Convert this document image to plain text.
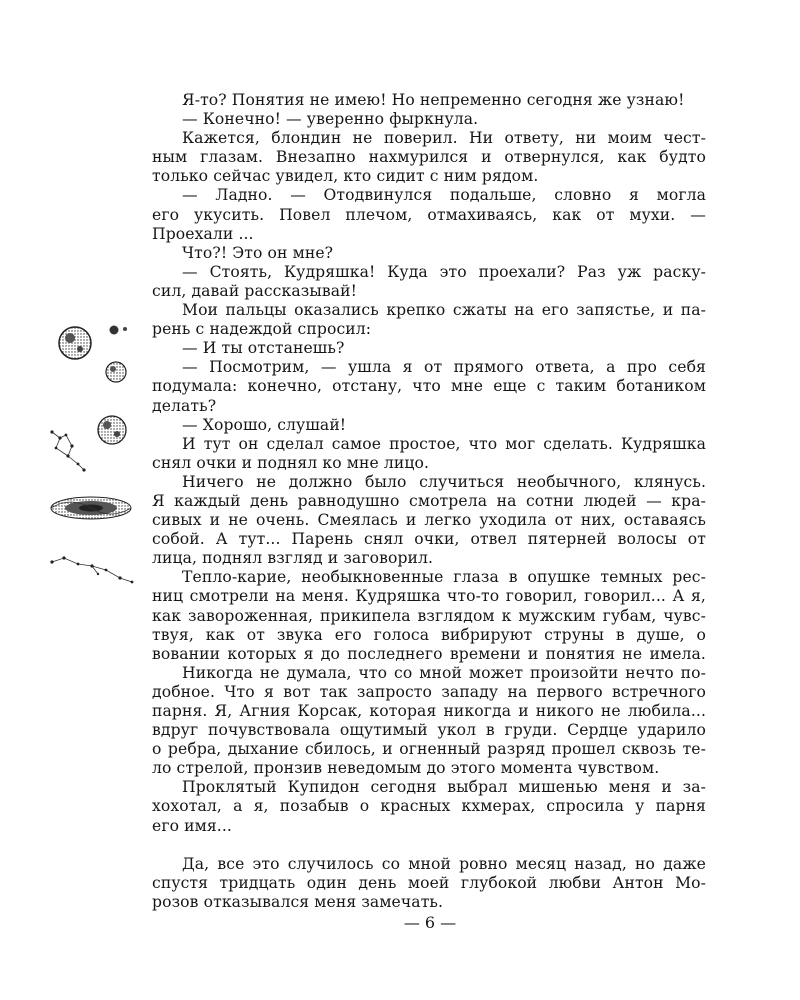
Я-то? Понятия не имею! Но непременно сегодня же узнаю!
— Конечно! — уверенно фыркнула.
Кажется, блондин не поверил. Ни ответу, ни моим чест-
ным глазам. Внезапно нахмурился и отвернулся, как будто
только сейчас увидел, кто сидит с ним рядом.
— Ладно. — Отодвинулся подальше, словно я могла
его укусить. Повел плечом, отмахиваясь, как от мухи. —
Проехали ...
Что?! Это он мне?
— Стоять, Кудряшка! Куда это проехали? Раз уж раску-
сил, давай рассказывай!
Мои пальцы оказались крепко сжаты на его запястье, и па-
рень с надеждой спросил:
— И ты отстанешь?
— Посмотрим, — ушла я от прямого ответа, а про себя
подумала: конечно, отстану, что мне еще с таким ботаником
делать?
— Хорошо, слушай!
И тут он сделал самое простое, что мог сделать. Кудряшка
снял очки и поднял ко мне лицо.
Ничего не должно было случиться необычного, клянусь.
Я каждый день равнодушно смотрела на сотни людей — кра-
сивых и не очень. Смеялась и легко уходила от них, оставаясь
собой. А тут... Парень снял очки, отвел пятерней волосы от
лица, поднял взгляд и заговорил.
Тепло-карие, необыкновенные глаза в опушке темных рес-
ниц смотрели на меня. Кудряшка что-то говорил, говорил... А я,
как завороженная, прикипела взглядом к мужским губам, чувс-
твуя, как от звука его голоса вибрируют струны в душе, о
вовании которых я до последнего времени и понятия не имела.
Никогда не думала, что со мной может произойти нечто по-
добное. Что я вот так запросто западу на первого встречного
парня. Я, Агния Корсак, которая никогда и никого не любила...
вдруг почувствовала ощутимый укол в груди. Сердце ударило
о ребра, дыхание сбилось, и огненный разряд прошел сквозь те-
ло стрелой, пронзив неведомым до этого момента чувством.
Проклятый Купидон сегодня выбрал мишенью меня и за-
хохотал, а я, позабыв о красных кхмерах, спросила у парня
его имя...
Да, все это случилось со мной ровно месяц назад, но даже
спустя тридцать один день моей глубокой любви Антон Мо-
розов отказывался меня замечать.
— 6 —
